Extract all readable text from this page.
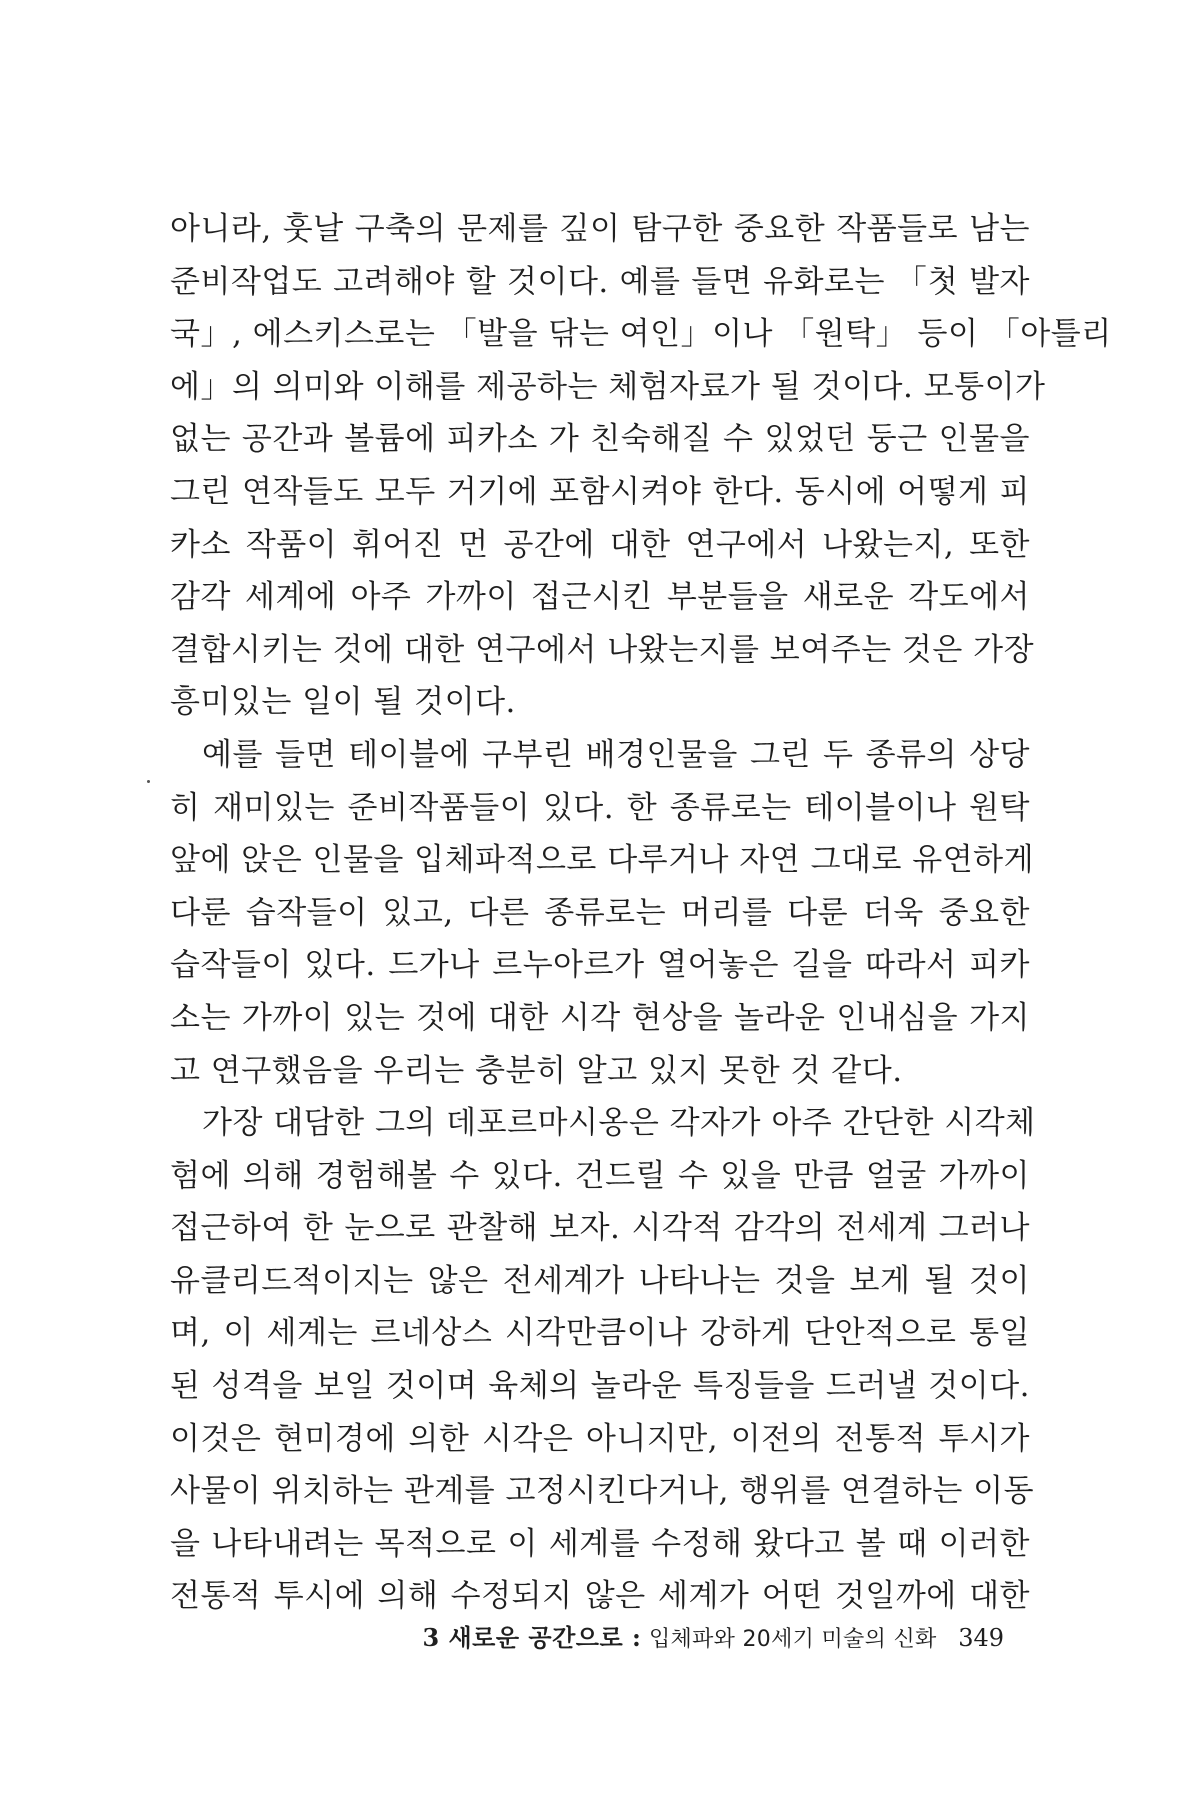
아니라, 훗날 구축의 문제를 깊이 탐구한 중요한 작품들로 남는
준비작업도 고려해야 할 것이다. 예를 들면 유화로는 「첫 발자
국」, 에스키스로는 「발을 닦는 여인」이나 「원탁」 등이 「아틀리
에」의 의미와 이해를 제공하는 체험자료가 될 것이다. 모퉁이가
없는 공간과 볼륨에 피카소 가 친숙해질 수 있었던 둥근 인물을
그린 연작들도 모두 거기에 포함시켜야 한다. 동시에 어떻게 피
카소 작품이 휘어진 먼 공간에 대한 연구에서 나왔는지, 또한
감각 세계에 아주 가까이 접근시킨 부분들을 새로운 각도에서
결합시키는 것에 대한 연구에서 나왔는지를 보여주는 것은 가장
흥미있는 일이 될 것이다.
예를 들면 테이블에 구부린 배경인물을 그린 두 종류의 상당
히 재미있는 준비작품들이 있다. 한 종류로는 테이블이나 원탁
앞에 앉은 인물을 입체파적으로 다루거나 자연 그대로 유연하게
다룬 습작들이 있고, 다른 종류로는 머리를 다룬 더욱 중요한
습작들이 있다. 드가나 르누아르가 열어놓은 길을 따라서 피카
소는 가까이 있는 것에 대한 시각 현상을 놀라운 인내심을 가지
고 연구했음을 우리는 충분히 알고 있지 못한 것 같다.
가장 대담한 그의 데포르마시옹은 각자가 아주 간단한 시각체
험에 의해 경험해볼 수 있다. 건드릴 수 있을 만큼 얼굴 가까이
접근하여 한 눈으로 관찰해 보자. 시각적 감각의 전세계 그러나
유클리드적이지는 않은 전세계가 나타나는 것을 보게 될 것이
며, 이 세계는 르네상스 시각만큼이나 강하게 단안적으로 통일
된 성격을 보일 것이며 육체의 놀라운 특징들을 드러낼 것이다.
이것은 현미경에 의한 시각은 아니지만, 이전의 전통적 투시가
사물이 위치하는 관계를 고정시킨다거나, 행위를 연결하는 이동
을 나타내려는 목적으로 이 세계를 수정해 왔다고 볼 때 이러한
전통적 투시에 의해 수정되지 않은 세계가 어떤 것일까에 대한
3 새로운 공간으로 : 입체파와 20세기 미술의 신화 349
